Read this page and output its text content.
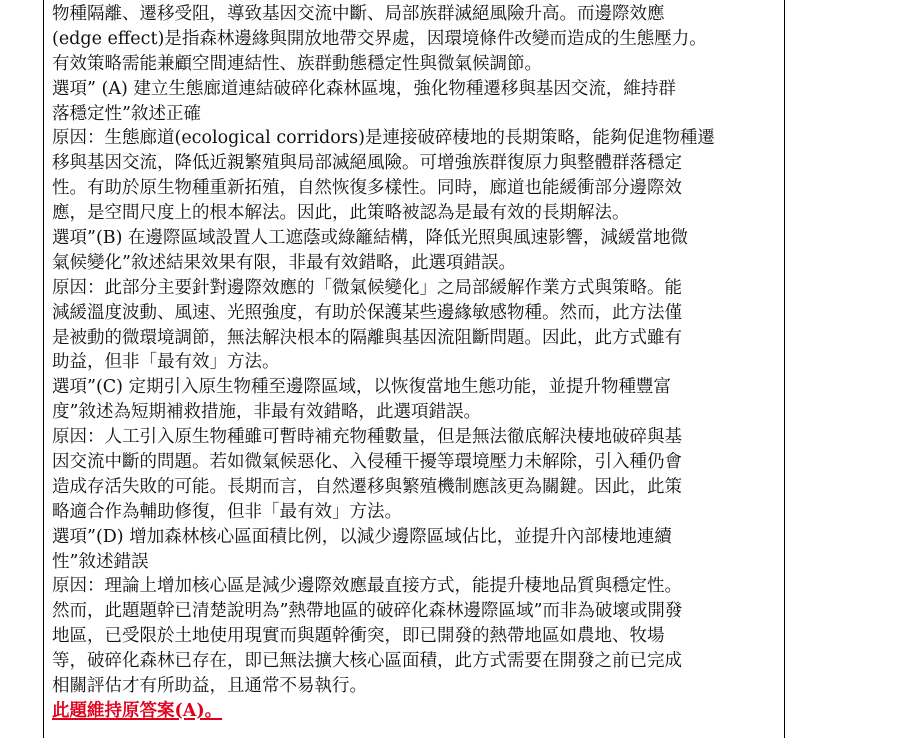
物種隔離、遷移受阻，導致基因交流中斷、局部族群滅絕風險升高。而邊際效應
(edge effect)是指森林邊緣與開放地帶交界處，因環境條件改變而造成的生態壓力。
有效策略需能兼顧空間連結性、族群動態穩定性與微氣候調節。
選項” (A) 建立生態廊道連結破碎化森林區塊，強化物種遷移與基因交流，維持群
落穩定性”敘述正確
原因：生態廊道(ecological corridors)是連接破碎棲地的長期策略，能夠促進物種遷
移與基因交流，降低近親繁殖與局部滅絕風險。可增強族群復原力與整體群落穩定
性。有助於原生物種重新拓殖，自然恢復多樣性。同時，廊道也能緩衝部分邊際效
應，是空間尺度上的根本解法。因此，此策略被認為是最有效的長期解法。
選項”(B) 在邊際區域設置人工遮蔭或綠籬結構，降低光照與風速影響，減緩當地微
氣候變化”敘述結果效果有限，非最有效錯略，此選項錯誤。
原因：此部分主要針對邊際效應的「微氣候變化」之局部緩解作業方式與策略。能
減緩溫度波動、風速、光照強度，有助於保護某些邊緣敏感物種。然而，此方法僅
是被動的微環境調節，無法解決根本的隔離與基因流阻斷問題。因此，此方式雖有
助益，但非「最有效」方法。
選項”(C) 定期引入原生物種至邊際區域，以恢復當地生態功能，並提升物種豐富
度”敘述為短期補救措施，非最有效錯略，此選項錯誤。
原因：人工引入原生物種雖可暫時補充物種數量，但是無法徹底解決棲地破碎與基
因交流中斷的問題。若如微氣候惡化、入侵種干擾等環境壓力未解除，引入種仍會
造成存活失敗的可能。長期而言，自然遷移與繁殖機制應該更為關鍵。因此，此策
略適合作為輔助修復，但非「最有效」方法。
選項”(D) 增加森林核心區面積比例，以減少邊際區域佔比，並提升內部棲地連續
性”敘述錯誤
原因：理論上增加核心區是減少邊際效應最直接方式，能提升棲地品質與穩定性。
然而，此題題幹已清楚說明為”熱帶地區的破碎化森林邊際區域”而非為破壞或開發
地區，已受限於土地使用現實而與題幹衝突，即已開發的熱帶地區如農地、牧場
等，破碎化森林已存在，即已無法擴大核心區面積，此方式需要在開發之前已完成
相關評估才有所助益，且通常不易執行。
此題維持原答案(A)。
